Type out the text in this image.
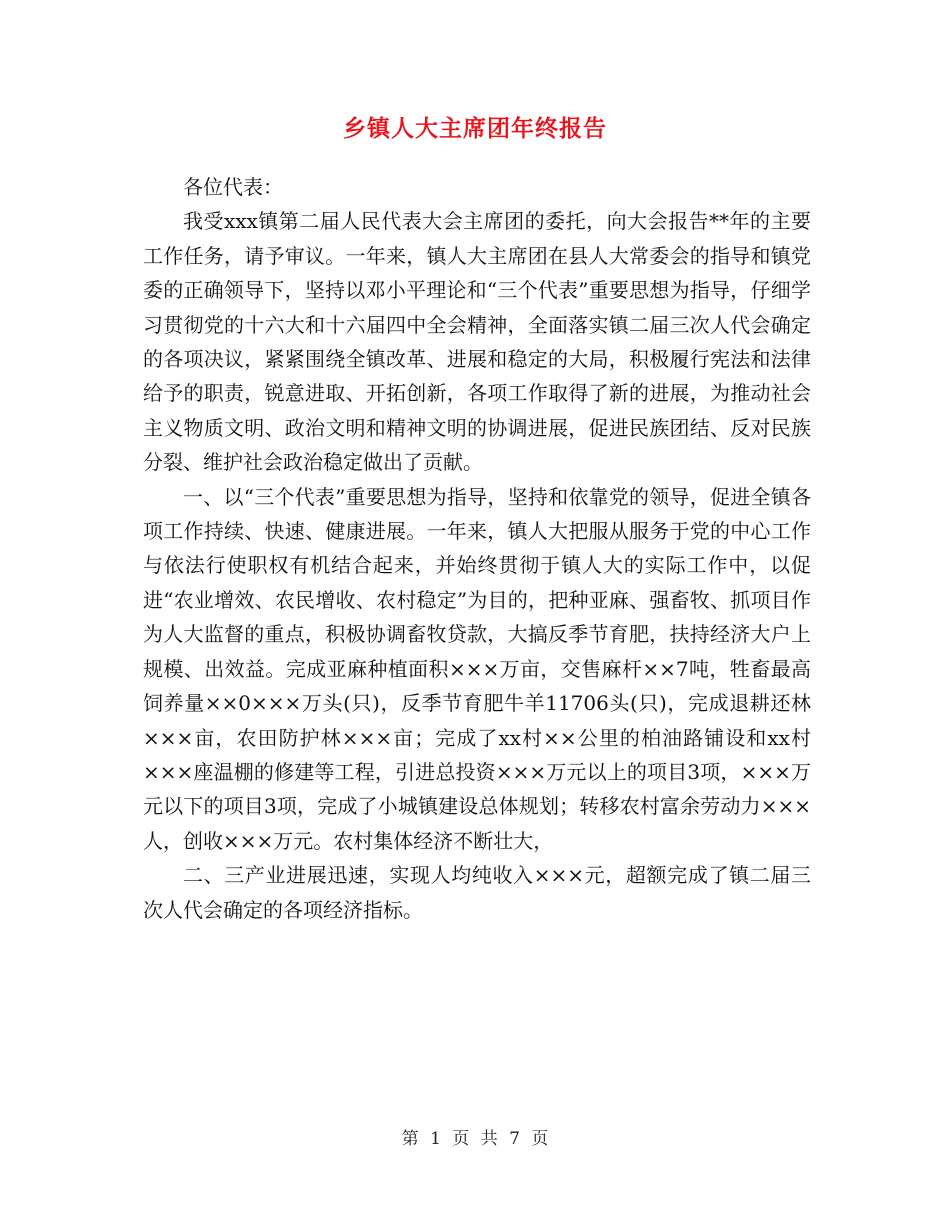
乡镇人大主席团年终报告

各位代表：

我受xxx镇第二届人民代表大会主席团的委托，向大会报告**年的主要工作任务，请予审议。一年来，镇人大主席团在县人大常委会的指导和镇党委的正确领导下，坚持以邓小平理论和“三个代表”重要思想为指导，仔细学习贯彻党的十六大和十六届四中全会精神，全面落实镇二届三次人代会确定的各项决议，紧紧围绕全镇改革、进展和稳定的大局，积极履行宪法和法律给予的职责，锐意进取、开拓创新，各项工作取得了新的进展，为推动社会主义物质文明、政治文明和精神文明的协调进展，促进民族团结、反对民族分裂、维护社会政治稳定做出了贡献。

一、以“三个代表”重要思想为指导，坚持和依靠党的领导，促进全镇各项工作持续、快速、健康进展。一年来，镇人大把服从服务于党的中心工作与依法行使职权有机结合起来，并始终贯彻于镇人大的实际工作中，以促进“农业增效、农民增收、农村稳定”为目的，把种亚麻、强畜牧、抓项目作为人大监督的重点，积极协调畜牧贷款，大搞反季节育肥，扶持经济大户上规模、出效益。完成亚麻种植面积×××万亩，交售麻杆××7吨，牲畜最高饲养量××0×××万头(只)，反季节育肥牛羊11706头(只)，完成退耕还林×××亩，农田防护林×××亩；完成了xx村××公里的柏油路铺设和xx村×××座温棚的修建等工程，引进总投资×××万元以上的项目3项，×××万元以下的项目3项，完成了小城镇建设总体规划；转移农村富余劳动力×××人，创收×××万元。农村集体经济不断壮大，

二、三产业进展迅速，实现人均纯收入×××元，超额完成了镇二届三次人代会确定的各项经济指标。

第 1 页 共 7 页
